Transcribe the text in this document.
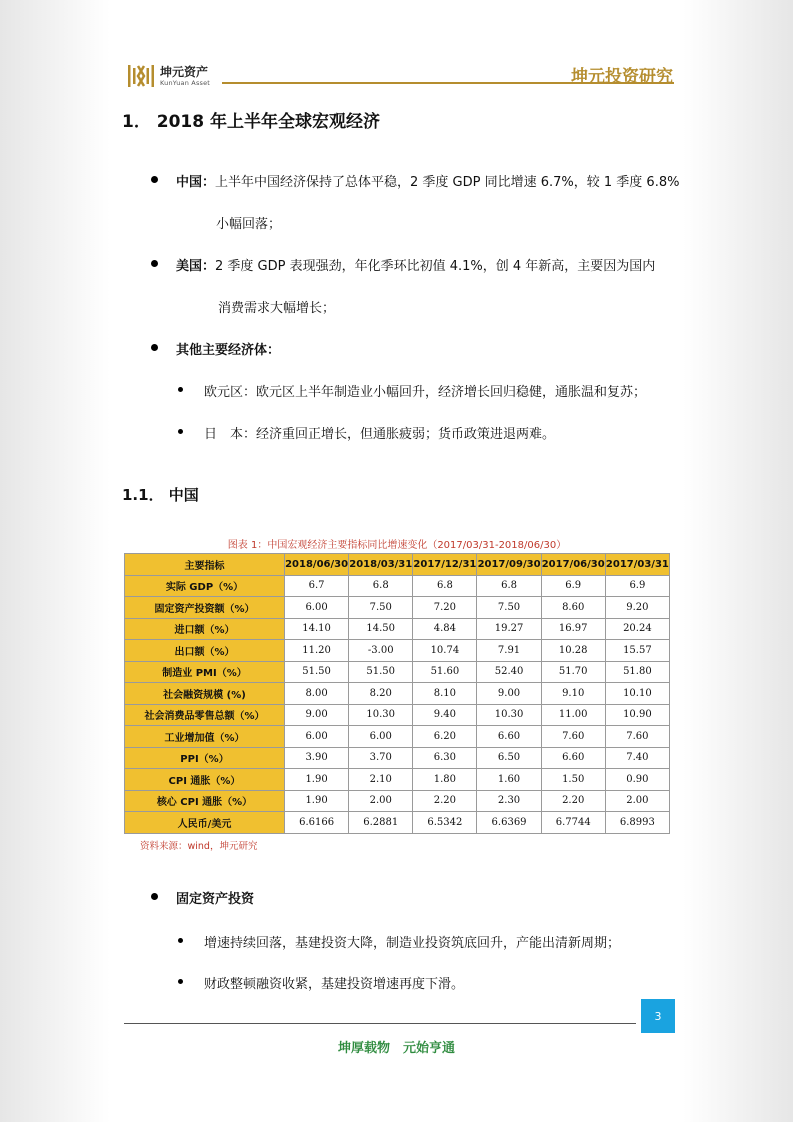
坤元资产
KunYuan Asset	坤元投资研究
1． 2018 年上半年全球宏观经济
中国：上半年中国经济保持了总体平稳，2 季度 GDP 同比增速 6.7%，较 1 季度 6.8%
小幅回落；
美国：2 季度 GDP 表现强劲，年化季环比初值 4.1%，创 4 年新高，主要因为国内
消费需求大幅增长；
其他主要经济体：
欧元区：欧元区上半年制造业小幅回升，经济增长回归稳健，通胀温和复苏；
日　本：经济重回正增长，但通胀疲弱；货币政策进退两难。
1.1． 中国
图表 1：中国宏观经济主要指标同比增速变化（2017/03/31-2018/06/30）
主要指标	2018/06/30	2018/03/31	2017/12/31	2017/09/30	2017/06/30	2017/03/31
实际 GDP（%）	6.7	6.8	6.8	6.8	6.9	6.9
固定资产投资额（%）	6.00	7.50	7.20	7.50	8.60	9.20
进口额（%）	14.10	14.50	4.84	19.27	16.97	20.24
出口额（%）	11.20	-3.00	10.74	7.91	10.28	15.57
制造业 PMI（%）	51.50	51.50	51.60	52.40	51.70	51.80
社会融资规模 (%)	8.00	8.20	8.10	9.00	9.10	10.10
社会消费品零售总额（%）	9.00	10.30	9.40	10.30	11.00	10.90
工业增加值（%）	6.00	6.00	6.20	6.60	7.60	7.60
PPI（%）	3.90	3.70	6.30	6.50	6.60	7.40
CPI 通胀（%）	1.90	2.10	1.80	1.60	1.50	0.90
核心 CPI 通胀（%）	1.90	2.00	2.20	2.30	2.20	2.00
人民币/美元	6.6166	6.2881	6.5342	6.6369	6.7744	6.8993
资料来源：wind，坤元研究
固定资产投资
增速持续回落，基建投资大降，制造业投资筑底回升，产能出清新周期；
财政整顿融资收紧，基建投资增速再度下滑。
3
坤厚载物　元始亨通
